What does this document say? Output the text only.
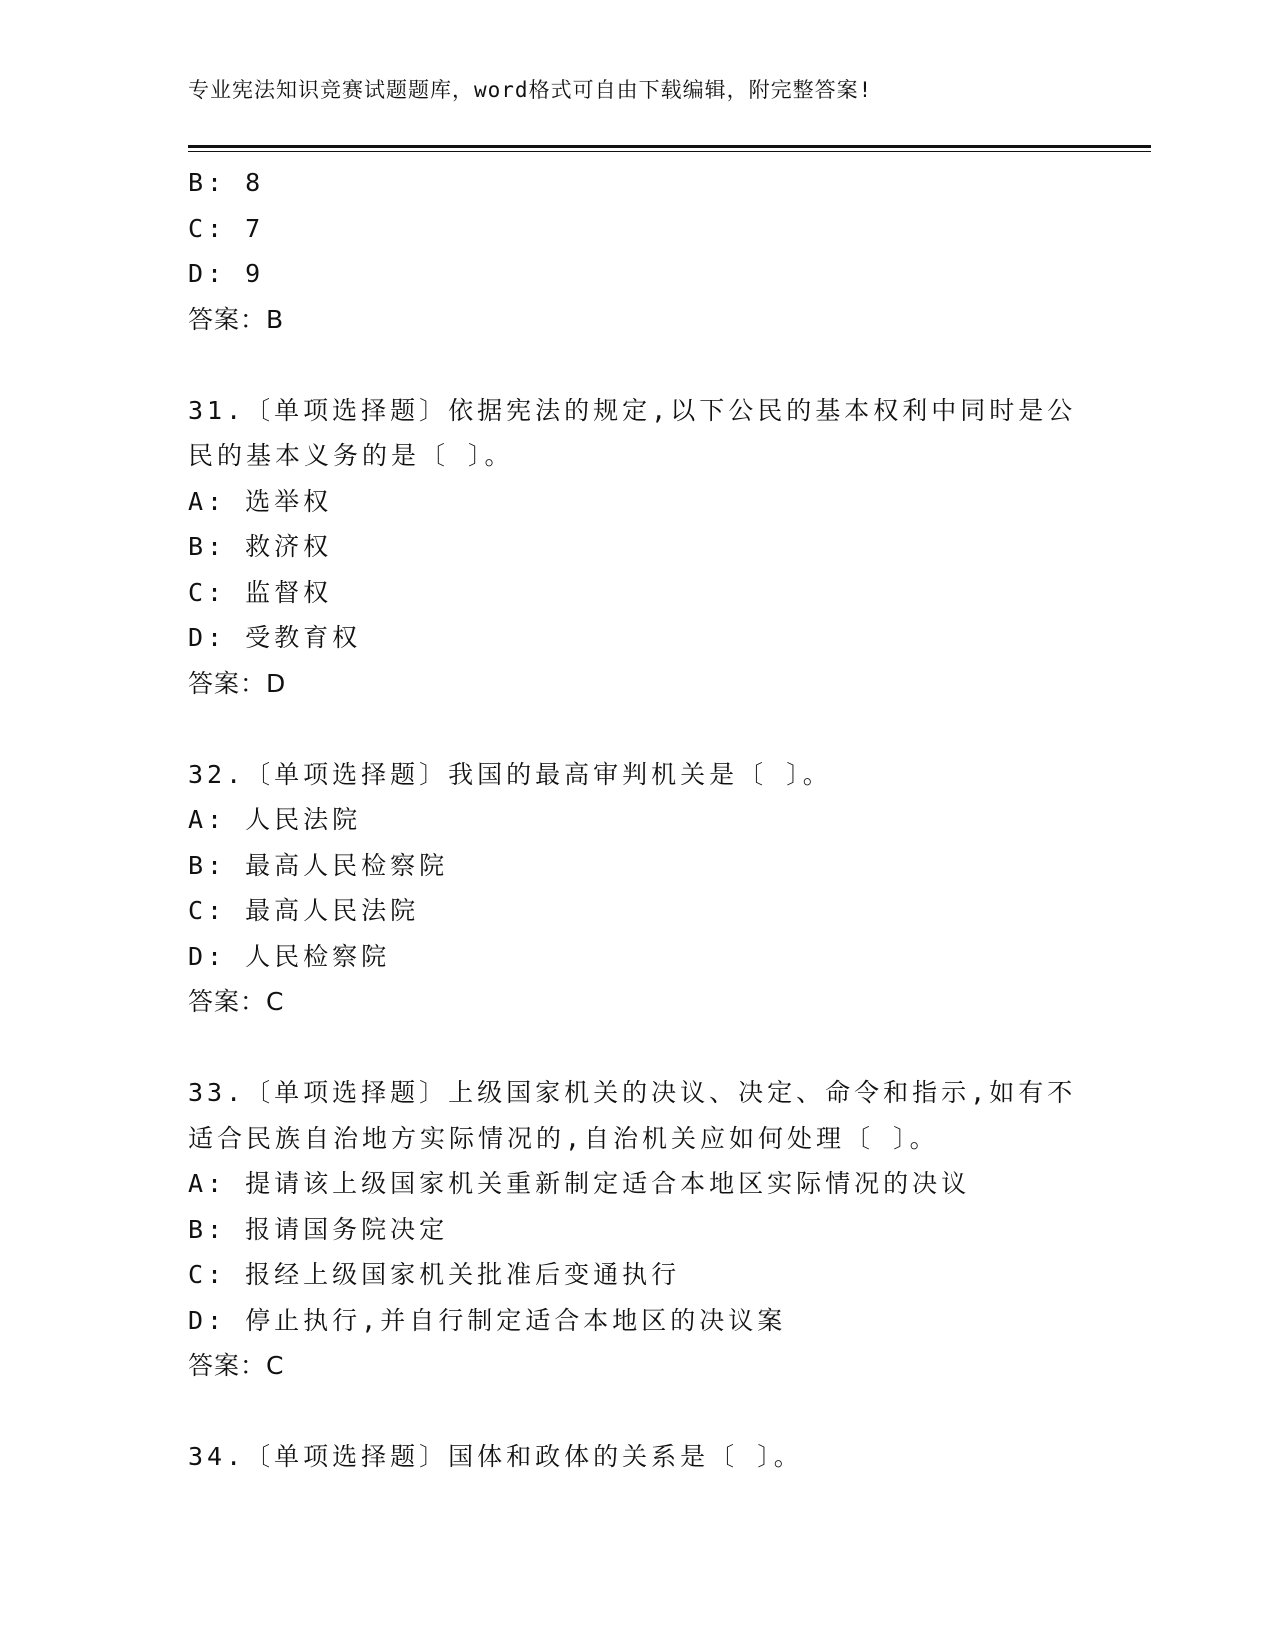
专业宪法知识竞赛试题题库，word格式可自由下载编辑，附完整答案!
B: 8
C: 7
D: 9
答案：B
31.〔单项选择题〕依据宪法的规定,以下公民的基本权利中同时是公
民的基本义务的是〔 〕。
A: 选举权
B: 救济权
C: 监督权
D: 受教育权
答案：D
32.〔单项选择题〕我国的最高审判机关是〔 〕。
A: 人民法院
B: 最高人民检察院
C: 最高人民法院
D: 人民检察院
答案：C
33.〔单项选择题〕上级国家机关的决议、决定、命令和指示,如有不
适合民族自治地方实际情况的,自治机关应如何处理〔 〕。
A: 提请该上级国家机关重新制定适合本地区实际情况的决议
B: 报请国务院决定
C: 报经上级国家机关批准后变通执行
D: 停止执行,并自行制定适合本地区的决议案
答案：C
34.〔单项选择题〕国体和政体的关系是〔 〕。
